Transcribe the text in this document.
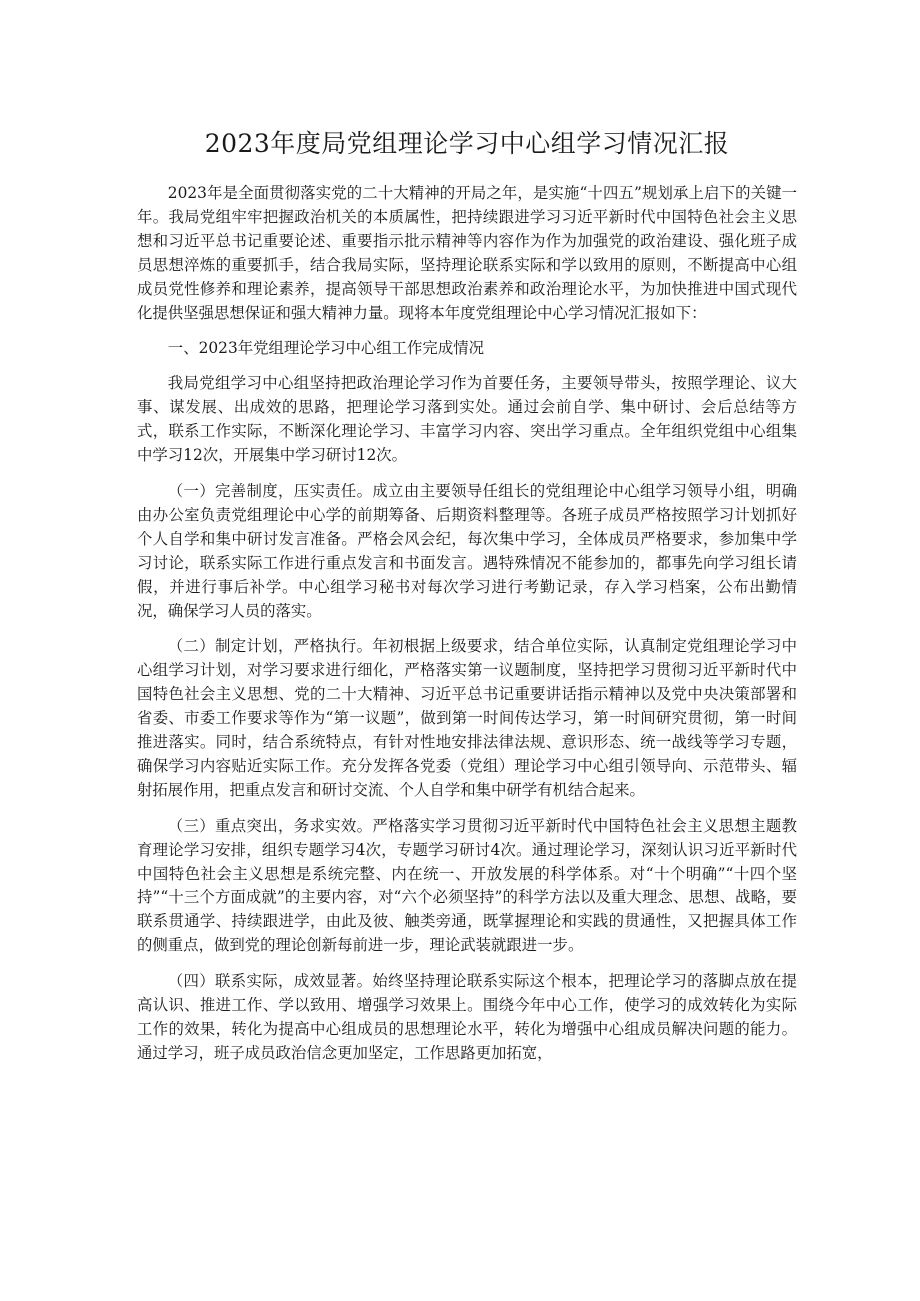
2023年度局党组理论学习中心组学习情况汇报

2023年是全面贯彻落实党的二十大精神的开局之年，是实施“十四五”规划承上启下的关键一年。我局党组牢牢把握政治机关的本质属性，把持续跟进学习习近平新时代中国特色社会主义思想和习近平总书记重要论述、重要指示批示精神等内容作为作为加强党的政治建设、强化班子成员思想淬炼的重要抓手，结合我局实际，坚持理论联系实际和学以致用的原则，不断提高中心组成员党性修养和理论素养，提高领导干部思想政治素养和政治理论水平，为加快推进中国式现代化提供坚强思想保证和强大精神力量。现将本年度党组理论中心学习情况汇报如下：

一、2023年党组理论学习中心组工作完成情况

我局党组学习中心组坚持把政治理论学习作为首要任务，主要领导带头，按照学理论、议大事、谋发展、出成效的思路，把理论学习落到实处。通过会前自学、集中研讨、会后总结等方式，联系工作实际，不断深化理论学习、丰富学习内容、突出学习重点。全年组织党组中心组集中学习12次，开展集中学习研讨12次。

（一）完善制度，压实责任。成立由主要领导任组长的党组理论中心组学习领导小组，明确由办公室负责党组理论中心学的前期筹备、后期资料整理等。各班子成员严格按照学习计划抓好个人自学和集中研讨发言准备。严格会风会纪，每次集中学习，全体成员严格要求，参加集中学习讨论，联系实际工作进行重点发言和书面发言。遇特殊情况不能参加的，都事先向学习组长请假，并进行事后补学。中心组学习秘书对每次学习进行考勤记录，存入学习档案，公布出勤情况，确保学习人员的落实。

（二）制定计划，严格执行。年初根据上级要求，结合单位实际，认真制定党组理论学习中心组学习计划，对学习要求进行细化，严格落实第一议题制度，坚持把学习贯彻习近平新时代中国特色社会主义思想、党的二十大精神、习近平总书记重要讲话指示精神以及党中央决策部署和省委、市委工作要求等作为“第一议题”，做到第一时间传达学习，第一时间研究贯彻，第一时间推进落实。同时，结合系统特点，有针对性地安排法律法规、意识形态、统一战线等学习专题，确保学习内容贴近实际工作。充分发挥各党委（党组）理论学习中心组引领导向、示范带头、辐射拓展作用，把重点发言和研讨交流、个人自学和集中研学有机结合起来。

（三）重点突出，务求实效。严格落实学习贯彻习近平新时代中国特色社会主义思想主题教育理论学习安排，组织专题学习4次，专题学习研讨4次。通过理论学习，深刻认识习近平新时代中国特色社会主义思想是系统完整、内在统一、开放发展的科学体系。对“十个明确”“十四个坚持”“十三个方面成就”的主要内容，对“六个必须坚持”的科学方法以及重大理念、思想、战略，要联系贯通学、持续跟进学，由此及彼、触类旁通，既掌握理论和实践的贯通性，又把握具体工作的侧重点，做到党的理论创新每前进一步，理论武装就跟进一步。

（四）联系实际，成效显著。始终坚持理论联系实际这个根本，把理论学习的落脚点放在提高认识、推进工作、学以致用、增强学习效果上。围绕今年中心工作，使学习的成效转化为实际工作的效果，转化为提高中心组成员的思想理论水平，转化为增强中心组成员解决问题的能力。通过学习，班子成员政治信念更加坚定，工作思路更加拓宽，
